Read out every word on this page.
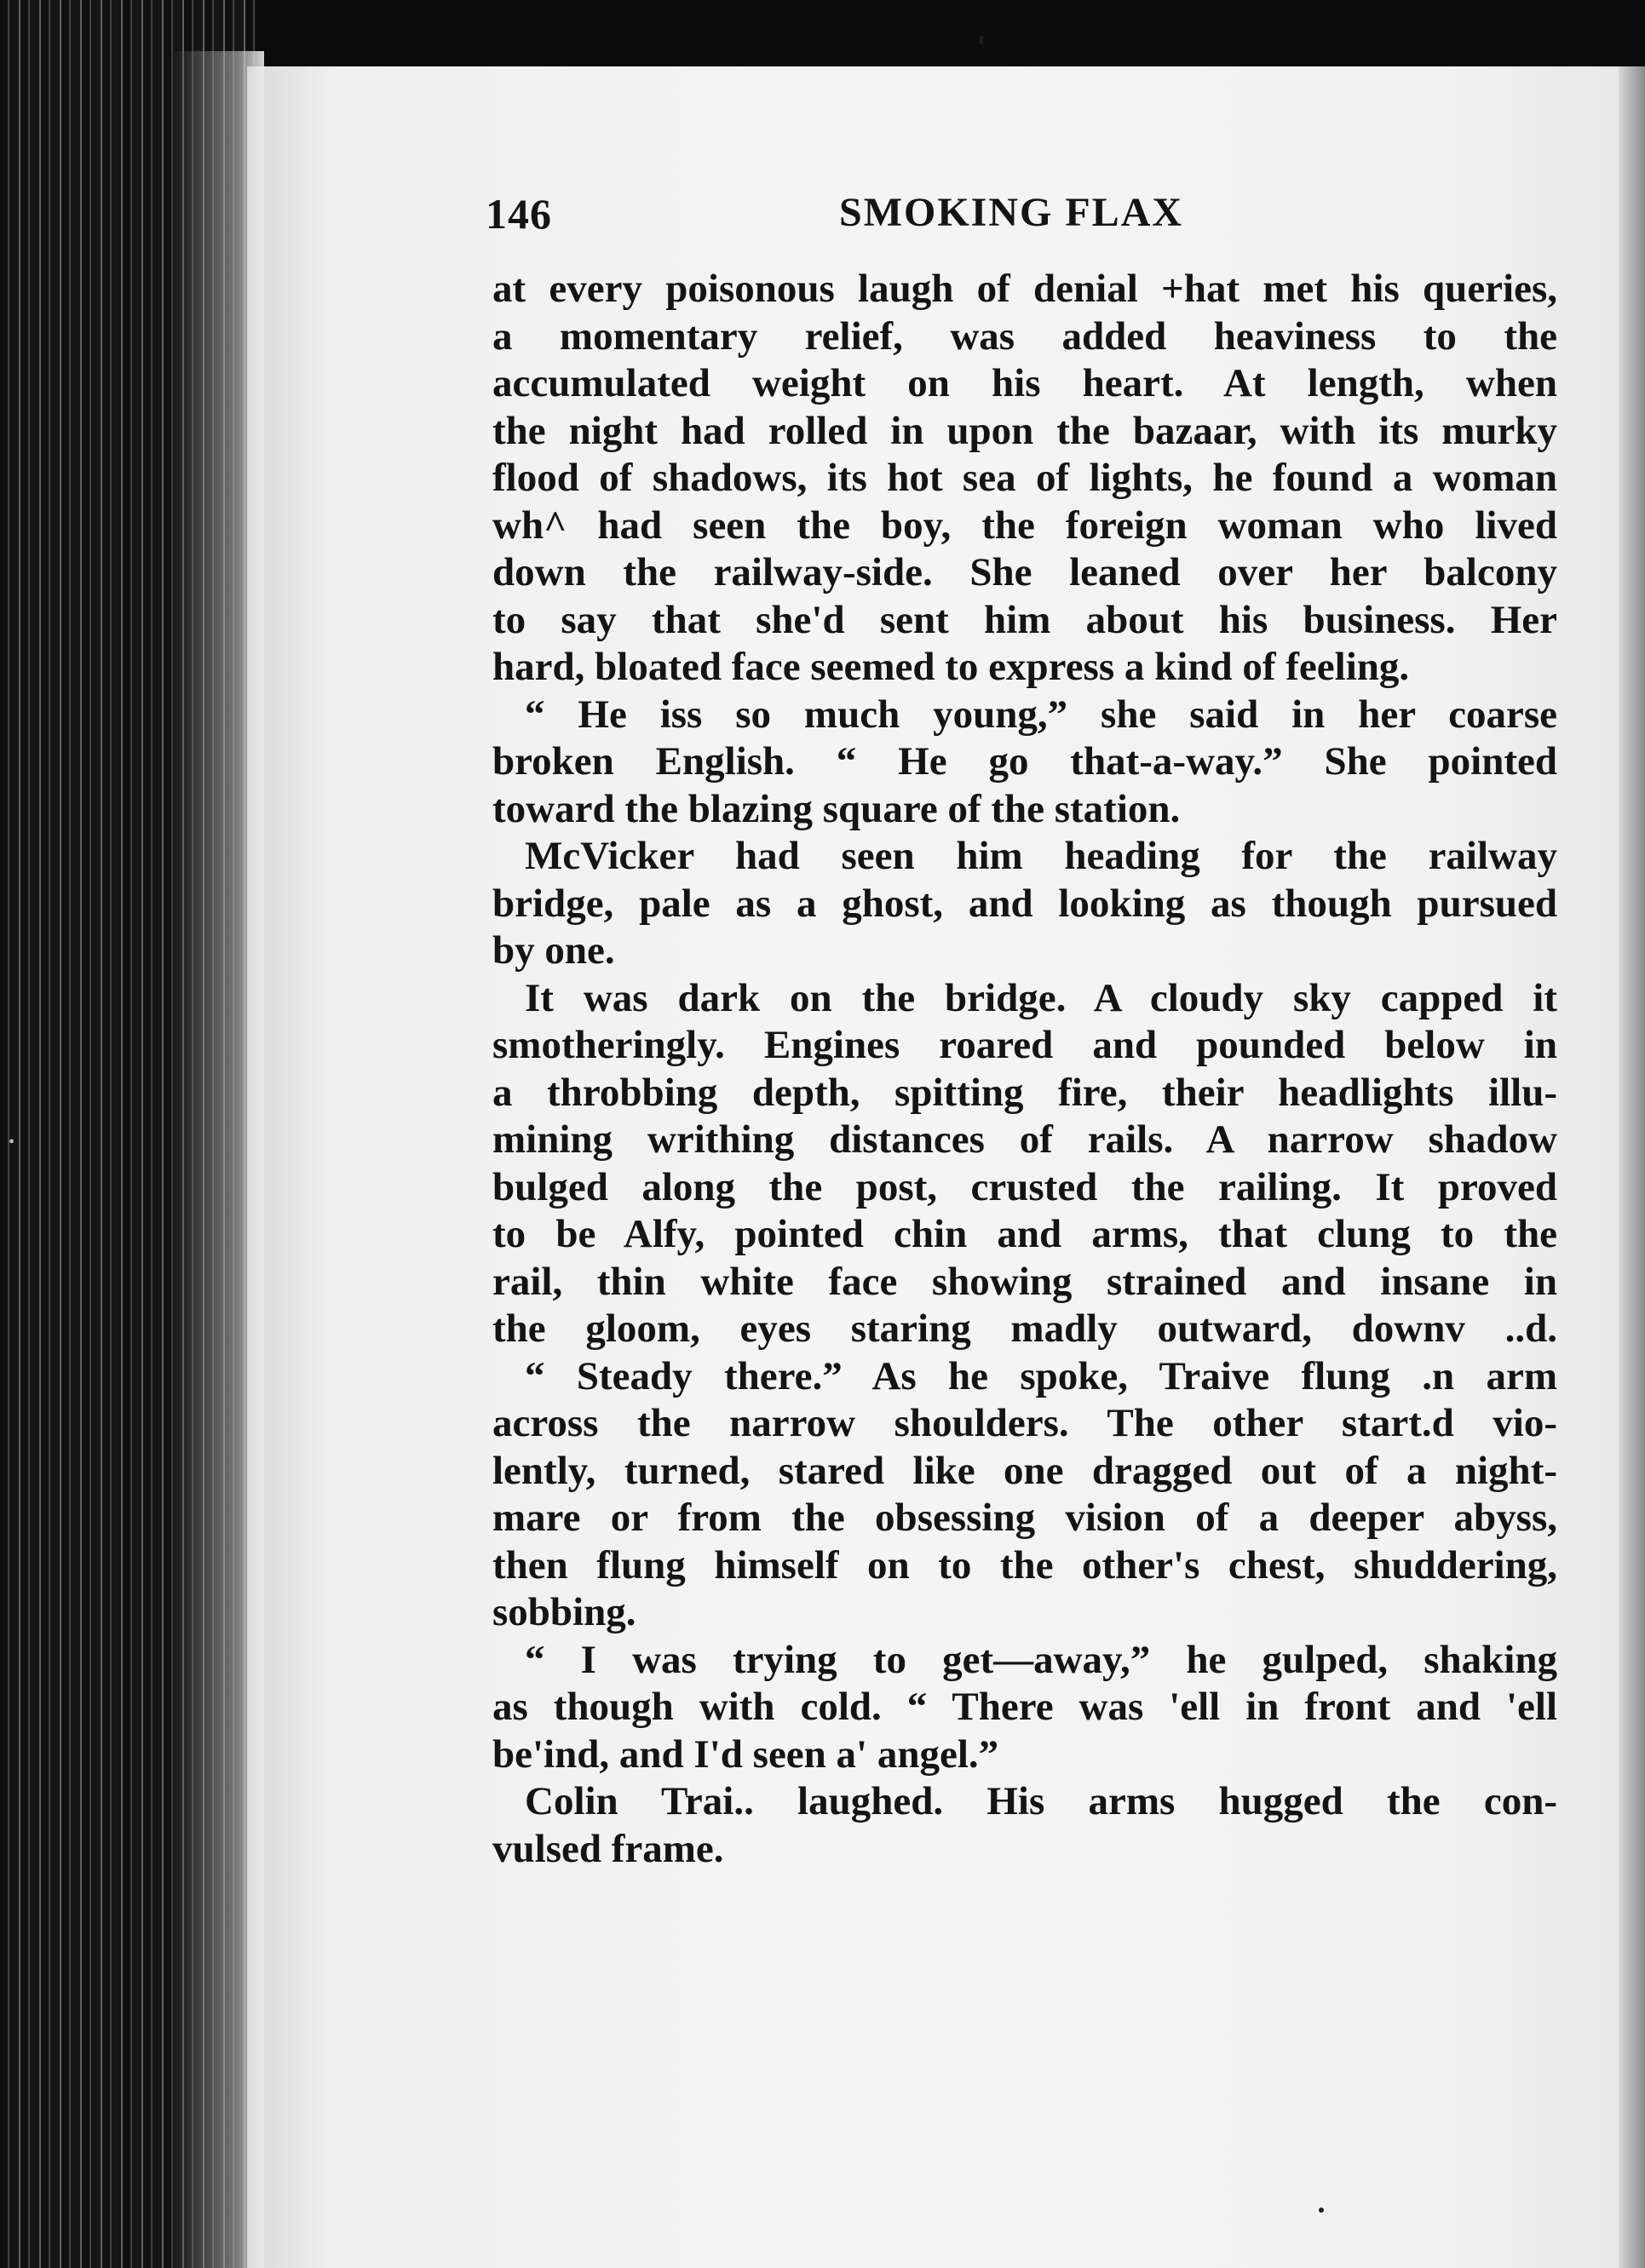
•
146	SMOKING FLAX
at every poisonous laugh of denial +hat met his queries,
a momentary relief, was added heaviness to the
accumulated weight on his heart. At length, when
the night had rolled in upon the bazaar, with its murky
flood of shadows, its hot sea of lights, he found a woman
wh^ had seen the boy, the foreign woman who lived
down the railway-side. She leaned over her balcony
to say that she'd sent him about his business. Her
hard, bloated face seemed to express a kind of feeling.
“ He iss so much young,” she said in her coarse
broken English. “ He go that-a-way.” She pointed
toward the blazing square of the station.
McVicker had seen him heading for the railway
bridge, pale as a ghost, and looking as though pursued
by one.
It was dark on the bridge. A cloudy sky capped it
smotheringly. Engines roared and pounded below in
a throbbing depth, spitting fire, their headlights illu-
mining writhing distances of rails. A narrow shadow
bulged along the post, crusted the railing. It proved
to be Alfy, pointed chin and arms, that clung to the
rail, thin white face showing strained and insane in
the gloom, eyes staring madly outward, downv ..d.
“ Steady there.” As he spoke, Traive flung .n arm
across the narrow shoulders. The other start.d vio-
lently, turned, stared like one dragged out of a night-
mare or from the obsessing vision of a deeper abyss,
then flung himself on to the other's chest, shuddering,
sobbing.
“ I was trying to get—away,” he gulped, shaking
as though with cold. “ There was 'ell in front and 'ell
be'ind, and I'd seen a' angel.”
Colin Trai.. laughed. His arms hugged the con-
vulsed frame.
